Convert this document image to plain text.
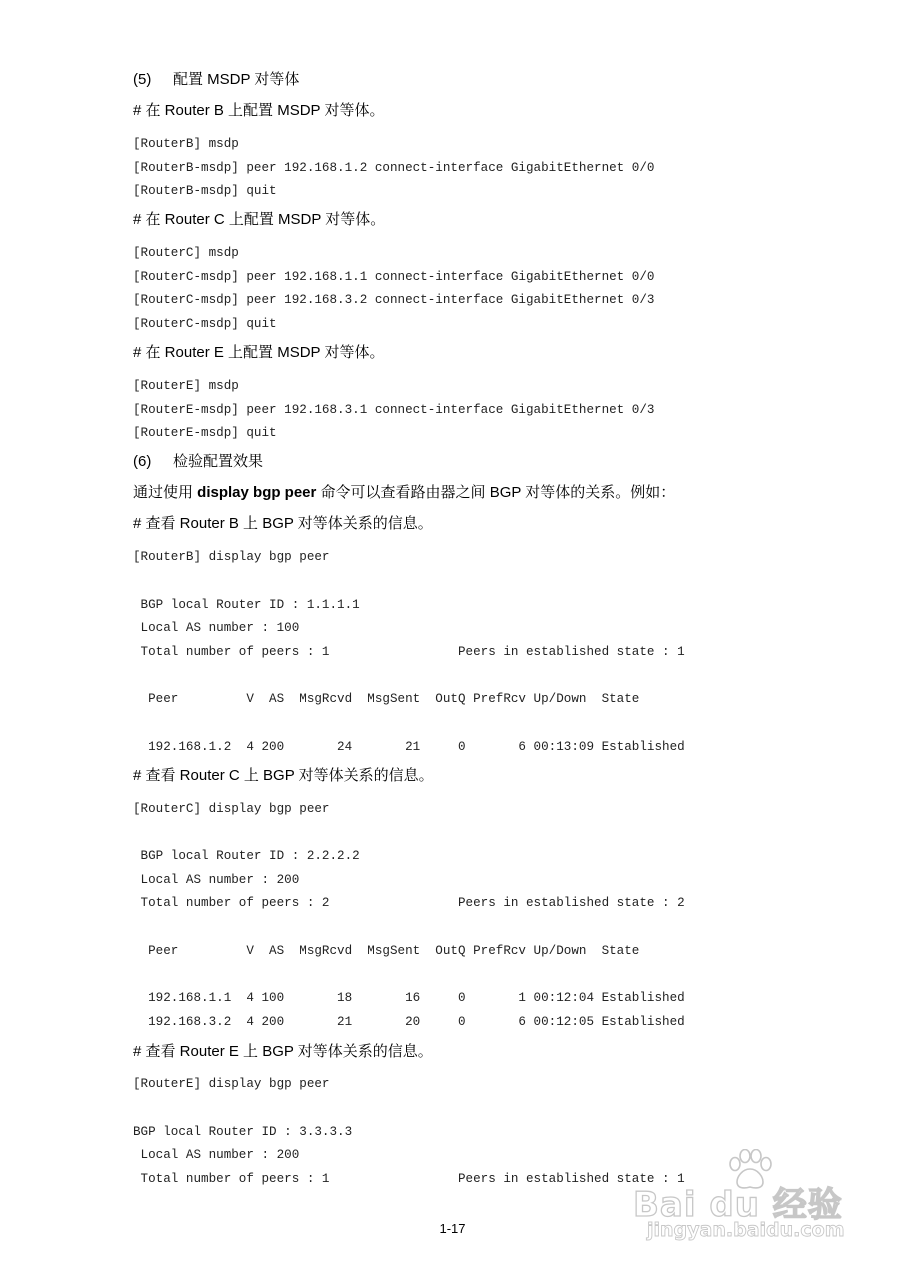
(5) 配置 MSDP 对等体

# 在 Router B 上配置 MSDP 对等体。

[RouterB] msdp

[RouterB-msdp] peer 192.168.1.2 connect-interface GigabitEthernet 0/0

[RouterB-msdp] quit

# 在 Router C 上配置 MSDP 对等体。

[RouterC] msdp

[RouterC-msdp] peer 192.168.1.1 connect-interface GigabitEthernet 0/0

[RouterC-msdp] peer 192.168.3.2 connect-interface GigabitEthernet 0/3

[RouterC-msdp] quit

# 在 Router E 上配置 MSDP 对等体。

[RouterE] msdp

[RouterE-msdp] peer 192.168.3.1 connect-interface GigabitEthernet 0/3

[RouterE-msdp] quit

(6) 检验配置效果

通过使用 display bgp peer 命令可以查看路由器之间 BGP 对等体的关系。例如：

# 查看 Router B 上 BGP 对等体关系的信息。

[RouterB] display bgp peer

BGP local Router ID : 1.1.1.1

Local AS number : 100

Total number of peers : 1                 Peers in established state : 1

Peer         V  AS  MsgRcvd  MsgSent  OutQ PrefRcv Up/Down  State

192.168.1.2  4 200       24       21     0       6 00:13:09 Established

# 查看 Router C 上 BGP 对等体关系的信息。

[RouterC] display bgp peer

BGP local Router ID : 2.2.2.2

Local AS number : 200

Total number of peers : 2                 Peers in established state : 2

Peer         V  AS  MsgRcvd  MsgSent  OutQ PrefRcv Up/Down  State

192.168.1.1  4 100       18       16     0       1 00:12:04 Established

192.168.3.2  4 200       21       20     0       6 00:12:05 Established

# 查看 Router E 上 BGP 对等体关系的信息。

[RouterE] display bgp peer

BGP local Router ID : 3.3.3.3

Local AS number : 200

Total number of peers : 1                 Peers in established state : 1

1-17
Bai du 经验
jingyan.baidu.com
